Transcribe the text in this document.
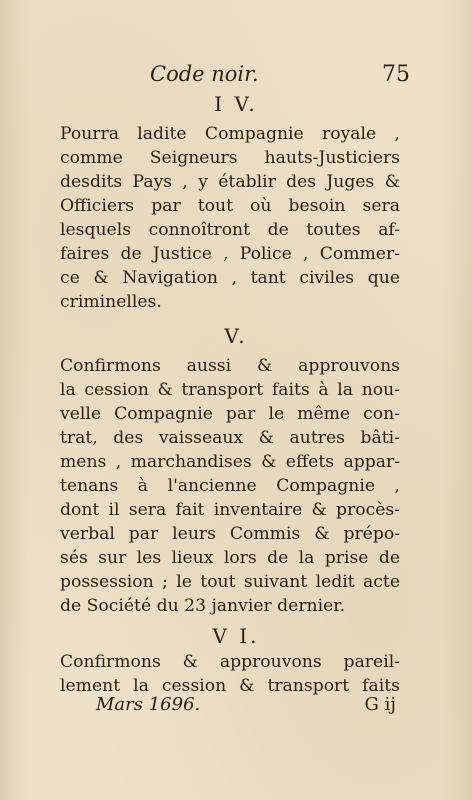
Code noir.	75
I V.
Pourra ladite Compagnie royale ,
comme Seigneurs hauts-Justiciers
desdits Pays , y établir des Juges &
Officiers par tout où besoin sera
lesquels connoîtront de toutes af-
faires de Justice , Police , Commer-
ce & Navigation , tant civiles que
criminelles.
V.
Confirmons aussi & approuvons
la cession & transport faits à la nou-
velle Compagnie par le même con-
trat, des vaisseaux & autres bâti-
mens , marchandises & effets appar-
tenans à l'ancienne Compagnie ,
dont il sera fait inventaire & procès-
verbal par leurs Commis & prépo-
sés sur les lieux lors de la prise de
possession ; le tout suivant ledit acte
de Société du 23 janvier dernier.
V I.
Confirmons & approuvons pareil-
lement la cession & transport faits
Mars 1696.	G ij
